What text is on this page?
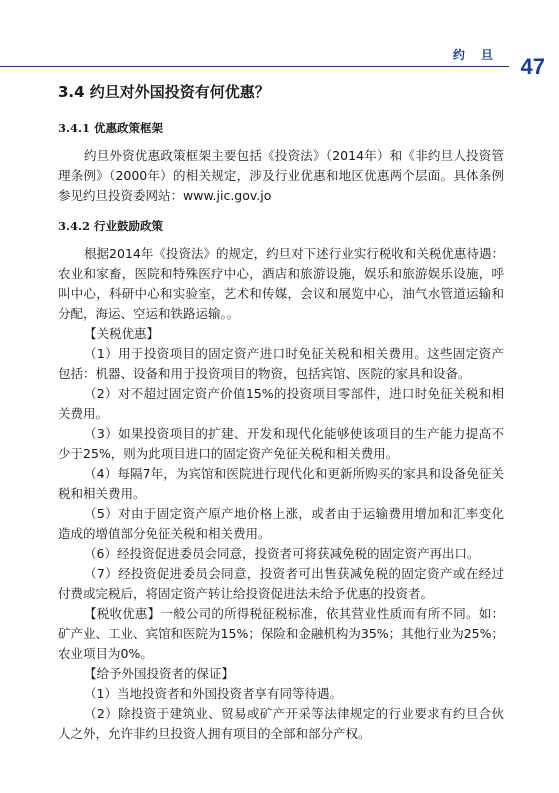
约 旦 47
3.4 约旦对外国投资有何优惠？
3.4.1 优惠政策框架

约旦外资优惠政策框架主要包括《投资法》（2014年）和《非约旦人投资管理条例》（2000年）的相关规定，涉及行业优惠和地区优惠两个层面。具体条例参见约旦投资委网站：www.jic.gov.jo

3.4.2 行业鼓励政策

根据2014年《投资法》的规定，约旦对下述行业实行税收和关税优惠待遇：农业和家畜，医院和特殊医疗中心，酒店和旅游设施，娱乐和旅游娱乐设施，呼叫中心，科研中心和实验室，艺术和传媒，会议和展览中心，油气水管道运输和分配，海运、空运和铁路运输。。

【关税优惠】

（1）用于投资项目的固定资产进口时免征关税和相关费用。这些固定资产包括：机器、设备和用于投资项目的物资，包括宾馆、医院的家具和设备。

（2）对不超过固定资产价值15%的投资项目零部件，进口时免征关税和相关费用。

（3）如果投资项目的扩建、开发和现代化能够使该项目的生产能力提高不少于25%，则为此项目进口的固定资产免征关税和相关费用。

（4）每隔7年，为宾馆和医院进行现代化和更新所购买的家具和设备免征关税和相关费用。

（5）对由于固定资产原产地价格上涨，或者由于运输费用增加和汇率变化造成的增值部分免征关税和相关费用。

（6）经投资促进委员会同意，投资者可将获减免税的固定资产再出口。

（7）经投资促进委员会同意，投资者可出售获减免税的固定资产或在经过付费或完税后，将固定资产转让给投资促进法未给予优惠的投资者。

【税收优惠】一般公司的所得税征税标准，依其营业性质而有所不同。如：矿产业、工业、宾馆和医院为15%；保险和金融机构为35%；其他行业为25%；农业项目为0%。

【给予外国投资者的保证】

（1）当地投资者和外国投资者享有同等待遇。

（2）除投资于建筑业、贸易或矿产开采等法律规定的行业要求有约旦合伙人之外，允许非约旦投资人拥有项目的全部和部分产权。
